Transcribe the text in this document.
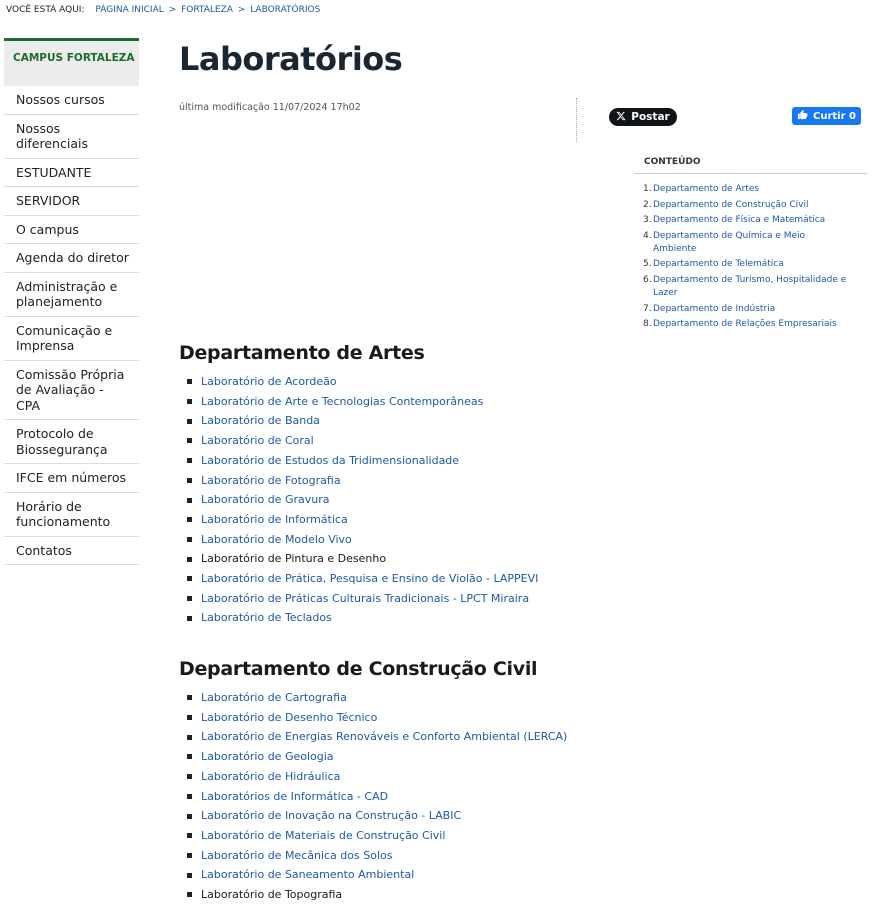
VOCÊ ESTÁ AQUI: PÁGINA INICIAL > FORTALEZA > LABORATÓRIOS
CAMPUS FORTALEZA
Nossos cursos
Nossos diferenciais
ESTUDANTE
SERVIDOR
O campus
Agenda do diretor
Administração e planejamento
Comunicação e Imprensa
Comissão Própria de Avaliação - CPA
Protocolo de Biossegurança
IFCE em números
Horário de funcionamento
Contatos
Laboratórios
última modificação 11/07/2024 17h02
Postar	Curtir 0
CONTEÚDO
1. Departamento de Artes
2. Departamento de Construção Civil
3. Departamento de Física e Matemática
4. Departamento de Química e Meio Ambiente
5. Departamento de Telemática
6. Departamento de Turismo, Hospitalidade e Lazer
7. Departamento de Indústria
8. Departamento de Relações Empresariais
Departamento de Artes
Laboratório de Acordeão
Laboratório de Arte e Tecnologias Contemporâneas
Laboratório de Banda
Laboratório de Coral
Laboratório de Estudos da Tridimensionalidade
Laboratório de Fotografia
Laboratório de Gravura
Laboratório de Informática
Laboratório de Modelo Vivo
Laboratório de Pintura e Desenho
Laboratório de Prática, Pesquisa e Ensino de Violão - LAPPEVI
Laboratório de Práticas Culturais Tradicionais - LPCT Miraira
Laboratório de Teclados
Departamento de Construção Civil
Laboratório de Cartografia
Laboratório de Desenho Técnico
Laboratório de Energias Renováveis e Conforto Ambiental (LERCA)
Laboratório de Geologia
Laboratório de Hidráulica
Laboratórios de Informática - CAD
Laboratório de Inovação na Construção - LABIC
Laboratório de Materiais de Construção Civil
Laboratório de Mecânica dos Solos
Laboratório de Saneamento Ambiental
Laboratório de Topografia
